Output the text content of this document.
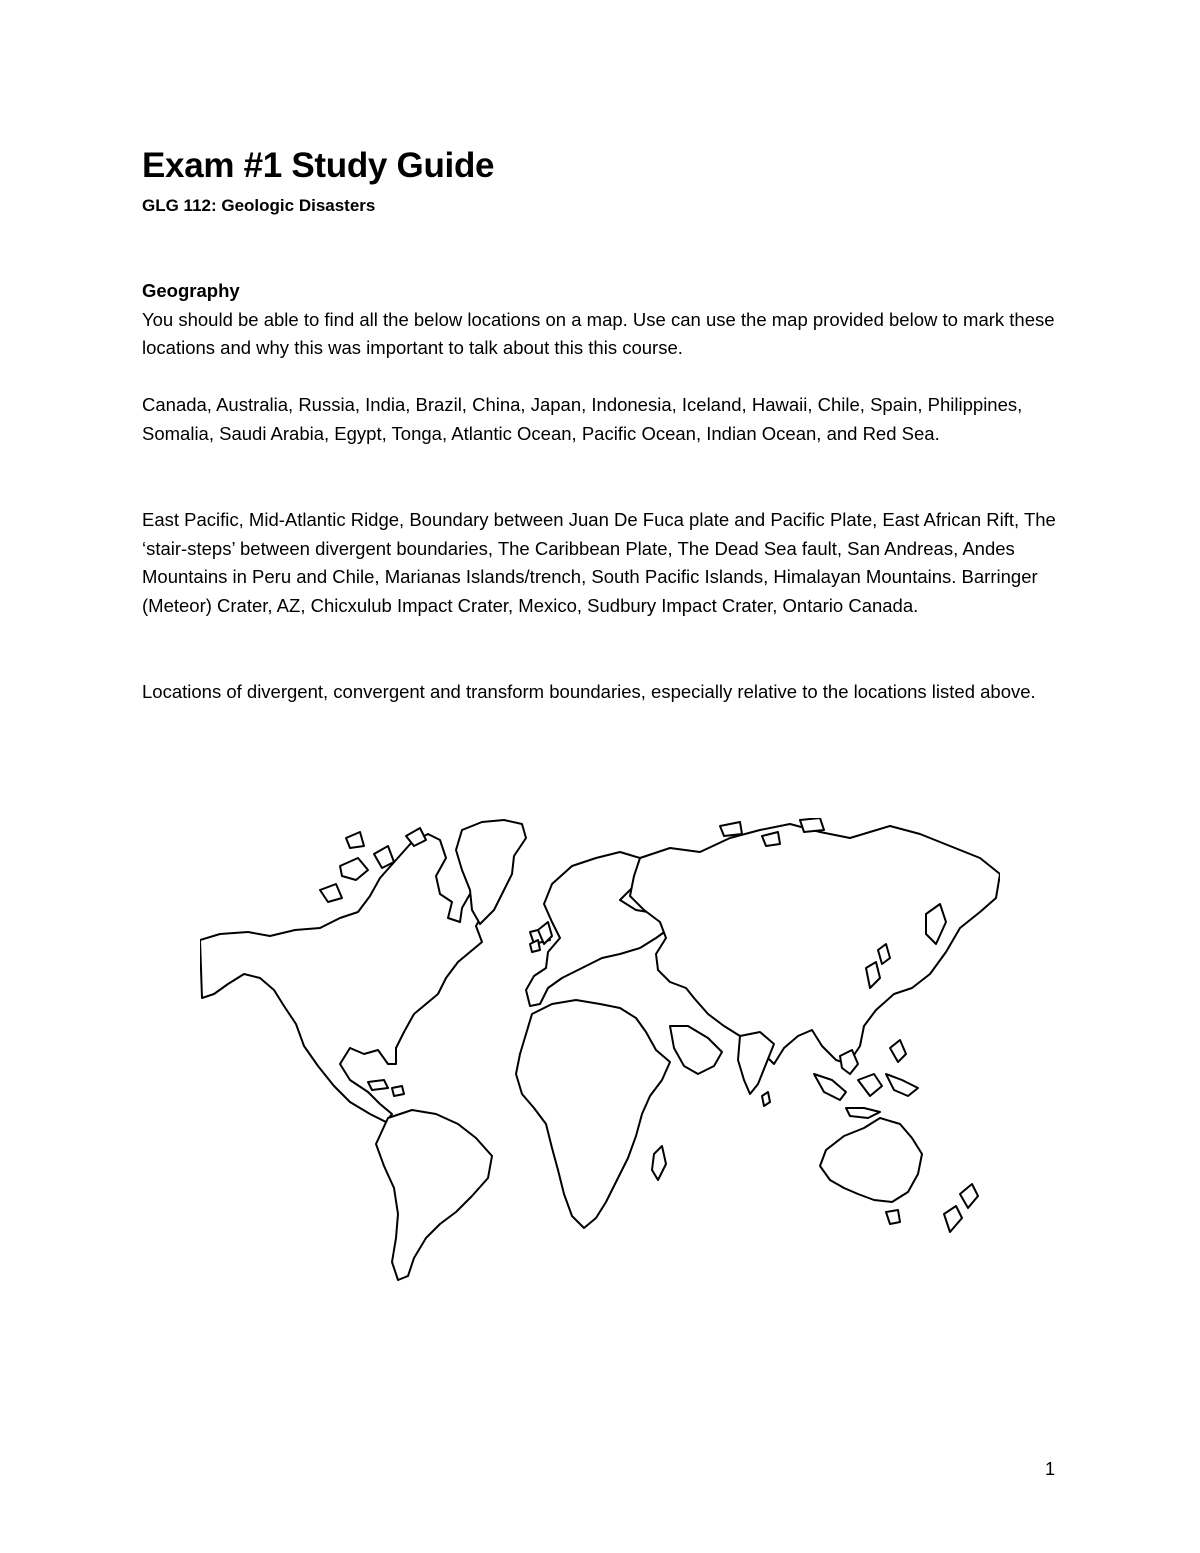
Exam #1 Study Guide
GLG 112: Geologic Disasters
Geography
You should be able to find all the below locations on a map. Use can use the map provided below to mark these locations and why this was important to talk about this this course.

Canada, Australia, Russia, India, Brazil, China, Japan, Indonesia, Iceland, Hawaii, Chile, Spain, Philippines, Somalia, Saudi Arabia, Egypt, Tonga, Atlantic Ocean, Pacific Ocean, Indian Ocean, and Red Sea.

East Pacific, Mid-Atlantic Ridge, Boundary between Juan De Fuca plate and Pacific Plate, East African Rift, The ‘stair-steps’ between divergent boundaries, The Caribbean Plate, The Dead Sea fault, San Andreas, Andes Mountains in Peru and Chile, Marianas Islands/trench, South Pacific Islands, Himalayan Mountains. Barringer (Meteor) Crater, AZ, Chicxulub Impact Crater, Mexico, Sudbury Impact Crater, Ontario Canada.

Locations of divergent, convergent and transform boundaries, especially relative to the locations listed above.

1
